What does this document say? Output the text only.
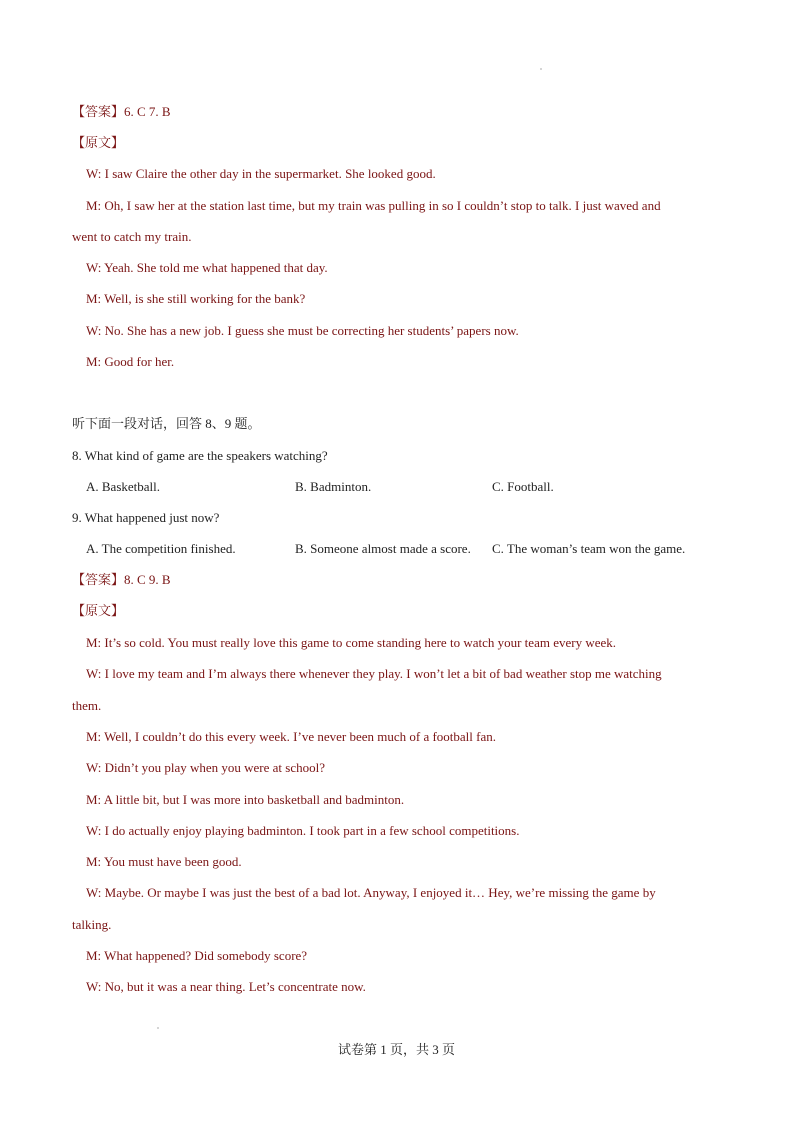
【答案】6. C 7. B
【原文】
W: I saw Claire the other day in the supermarket. She looked good.
M: Oh, I saw her at the station last time, but my train was pulling in so I couldn’t stop to talk. I just waved and
went to catch my train.
W: Yeah. She told me what happened that day.
M: Well, is she still working for the bank?
W: No. She has a new job. I guess she must be correcting her students’ papers now.
M: Good for her.
听下面一段对话，回答 8、9 题。
8. What kind of game are the speakers watching?
A. Basketball.	B. Badminton.	C. Football.
9. What happened just now?
A. The competition finished.	B. Someone almost made a score. C. The woman’s team won the game.
【答案】8. C 9. B
【原文】
M: It’s so cold. You must really love this game to come standing here to watch your team every week.
W: I love my team and I’m always there whenever they play. I won’t let a bit of bad weather stop me watching
them.
M: Well, I couldn’t do this every week. I’ve never been much of a football fan.
W: Didn’t you play when you were at school?
M: A little bit, but I was more into basketball and badminton.
W: I do actually enjoy playing badminton. I took part in a few school competitions.
M: You must have been good.
W: Maybe. Or maybe I was just the best of a bad lot. Anyway, I enjoyed it… Hey, we’re missing the game by
talking.
M: What happened? Did somebody score?
W: No, but it was a near thing. Let’s concentrate now.
试卷第 1 页，共 3 页
